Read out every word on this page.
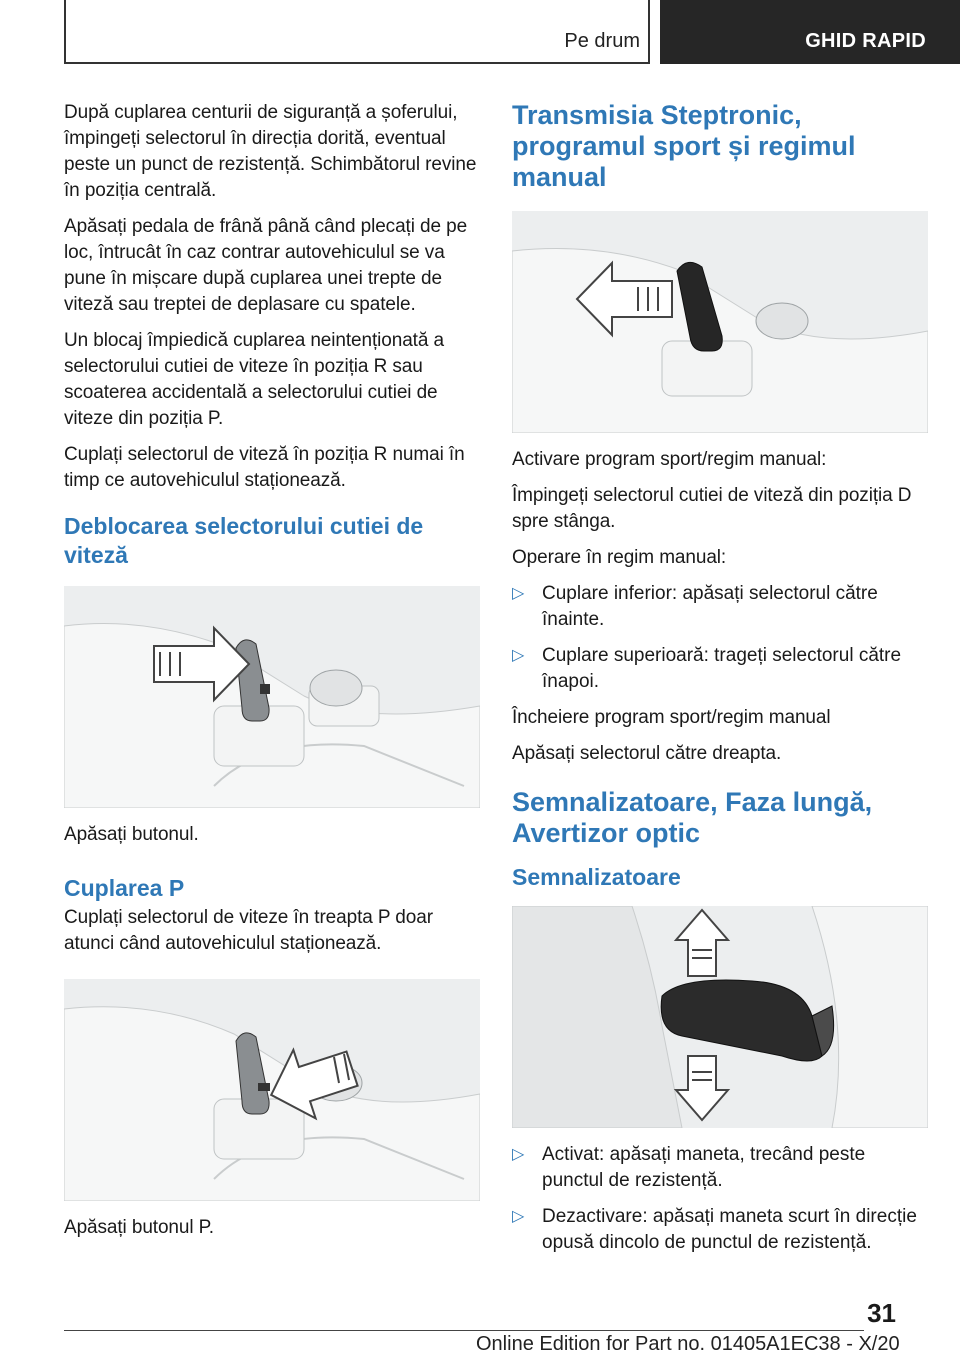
Pe drum	GHID RAPID

După cuplarea centurii de siguranță a șoferului, împingeți selectorul în direcția dorită, eventual peste un punct de rezistență. Schimbătorul revine în poziția centrală.

Apăsați pedala de frână până când plecați de pe loc, întrucât în caz contrar autovehiculul se va pune în mișcare după cuplarea unei trepte de viteză sau treptei de deplasare cu spatele.

Un blocaj împiedică cuplarea neintenționată a selectorului cutiei de viteze în poziția R sau scoaterea accidentală a selectorului cutiei de viteze din poziția P.

Cuplați selectorul de viteză în poziția R numai în timp ce autovehiculul staționează.

Deblocarea selectorului cutiei de viteză

Apăsați butonul.

Cuplarea P

Cuplați selectorul de viteze în treapta P doar atunci când autovehiculul staționează.

Apăsați butonul P.

Transmisia Steptronic, programul sport și regimul manual

Activare program sport/regim manual:

Împingeți selectorul cutiei de viteză din poziția D spre stânga.

Operare în regim manual:

▷ Cuplare inferior: apăsați selectorul către înainte.
▷ Cuplare superioară: trageți selectorul către înapoi.

Încheiere program sport/regim manual

Apăsați selectorul către dreapta.

Semnalizatoare, Faza lungă, Avertizor optic
Semnalizatoare
▷ Activat: apăsați maneta, trecând peste punctul de rezistență.
▷ Dezactivare: apăsați maneta scurt în direcție opusă dincolo de punctul de rezistență.
31
Online Edition for Part no. 01405A1EC38 - X/20
